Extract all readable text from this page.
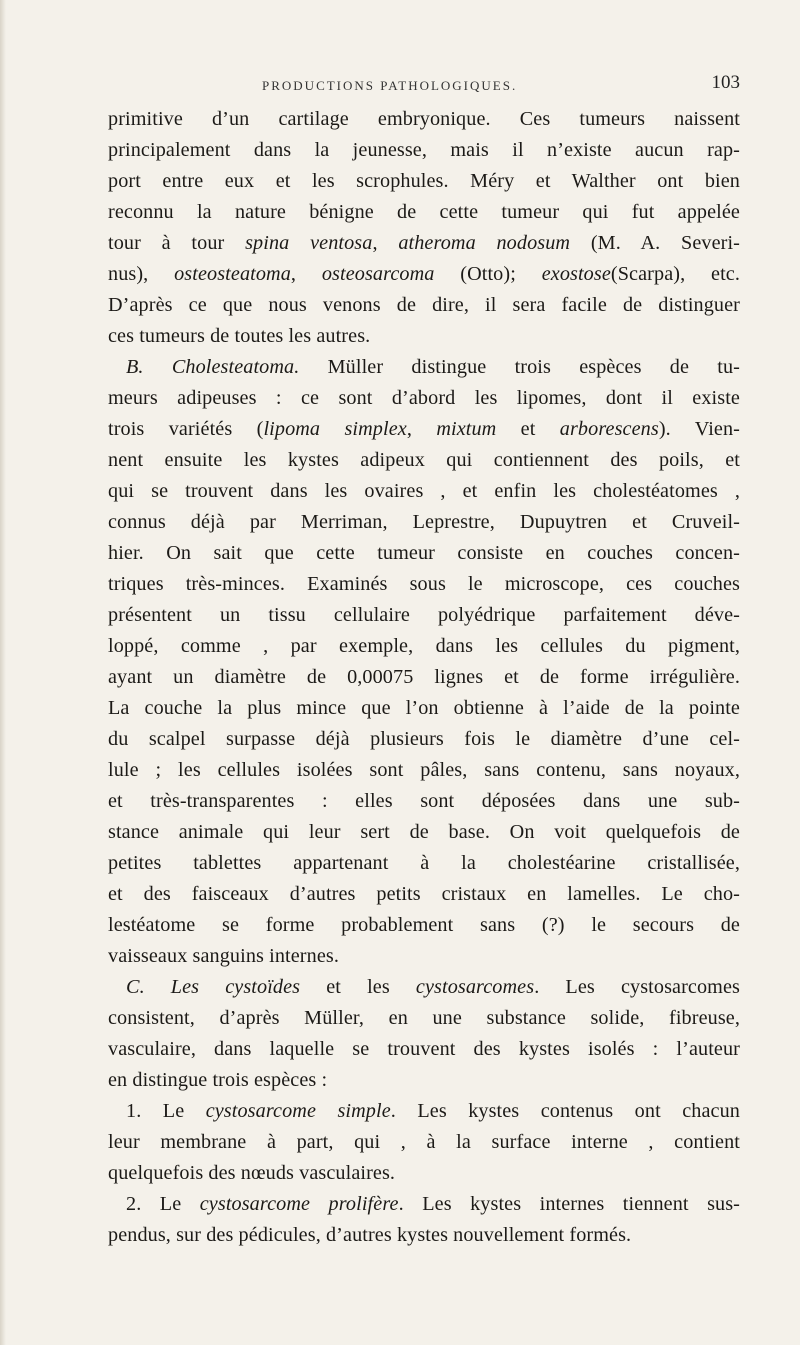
PRODUCTIONS PATHOLOGIQUES.	103
primitive d’un cartilage embryonique. Ces tumeurs naissent
principalement dans la jeunesse, mais il n’existe aucun rap-
port entre eux et les scrophules. Méry et Walther ont bien
reconnu la nature bénigne de cette tumeur qui fut appelée
tour à tour spina ventosa, atheroma nodosum (M. A. Severi-
nus), osteosteatoma, osteosarcoma (Otto); exostose(Scarpa), etc.
D’après ce que nous venons de dire, il sera facile de distinguer
ces tumeurs de toutes les autres.
B. Cholesteatoma. Müller distingue trois espèces de tu-
meurs adipeuses : ce sont d’abord les lipomes, dont il existe
trois variétés (lipoma simplex, mixtum et arborescens). Vien-
nent ensuite les kystes adipeux qui contiennent des poils, et
qui se trouvent dans les ovaires , et enfin les cholestéatomes ,
connus déjà par Merriman, Leprestre, Dupuytren et Cruveil-
hier. On sait que cette tumeur consiste en couches concen-
triques très-minces. Examinés sous le microscope, ces couches
présentent un tissu cellulaire polyédrique parfaitement déve-
loppé, comme , par exemple, dans les cellules du pigment,
ayant un diamètre de 0,00075 lignes et de forme irrégulière.
La couche la plus mince que l’on obtienne à l’aide de la pointe
du scalpel surpasse déjà plusieurs fois le diamètre d’une cel-
lule ; les cellules isolées sont pâles, sans contenu, sans noyaux,
et très-transparentes : elles sont déposées dans une sub-
stance animale qui leur sert de base. On voit quelquefois de
petites tablettes appartenant à la cholestéarine cristallisée,
et des faisceaux d’autres petits cristaux en lamelles. Le cho-
lestéatome se forme probablement sans (?) le secours de
vaisseaux sanguins internes.
C. Les cystoïdes et les cystosarcomes. Les cystosarcomes
consistent, d’après Müller, en une substance solide, fibreuse,
vasculaire, dans laquelle se trouvent des kystes isolés : l’auteur
en distingue trois espèces :
1. Le cystosarcome simple. Les kystes contenus ont chacun
leur membrane à part, qui , à la surface interne , contient
quelquefois des nœuds vasculaires.
2. Le cystosarcome prolifère. Les kystes internes tiennent sus-
pendus, sur des pédicules, d’autres kystes nouvellement formés.
